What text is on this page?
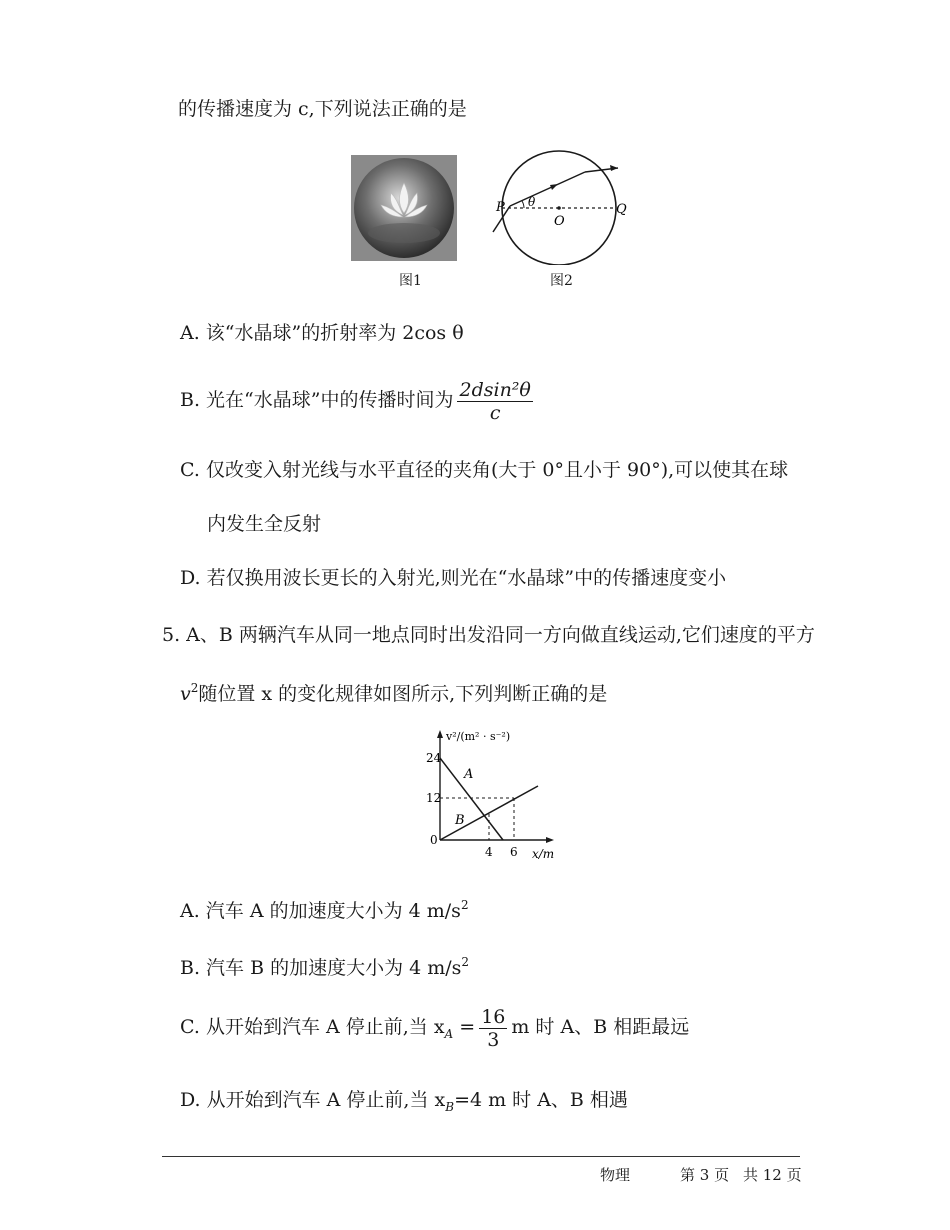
的传播速度为 c,下列说法正确的是
图1
P θ
O
Q
图2
A. 该“水晶球”的折射率为 2cos θ
B. 光在“水晶球”中的传播时间为 $\frac{\text{2dsin²θ}}{c}$
C. 仅改变入射光线与水平直径的夹角(大于 0°且小于 90°),可以使其在球
内发生全反射
D. 若仅换用波长更长的入射光,则光在“水晶球”中的传播速度变小
5. A、B 两辆汽车从同一地点同时出发沿同一方向做直线运动,它们速度的平方
$v^2$随位置 x 的变化规律如图所示,下列判断正确的是
v²/(m² · s⁻²)
24
12
0
4 6 x/m
A
B
A. 汽车 A 的加速度大小为 4 $m/s^2$
B. 汽车 B 的加速度大小为 4 $m/s^2$
C. 从开始到汽车 A 停止前,当 $x_A = \frac{16}{3}$ m 时 A、B 相距最远
D. 从开始到汽车 A 停止前,当 $x_B=4$ m 时 A、B 相遇
物理	第 3 页 共 12 页
